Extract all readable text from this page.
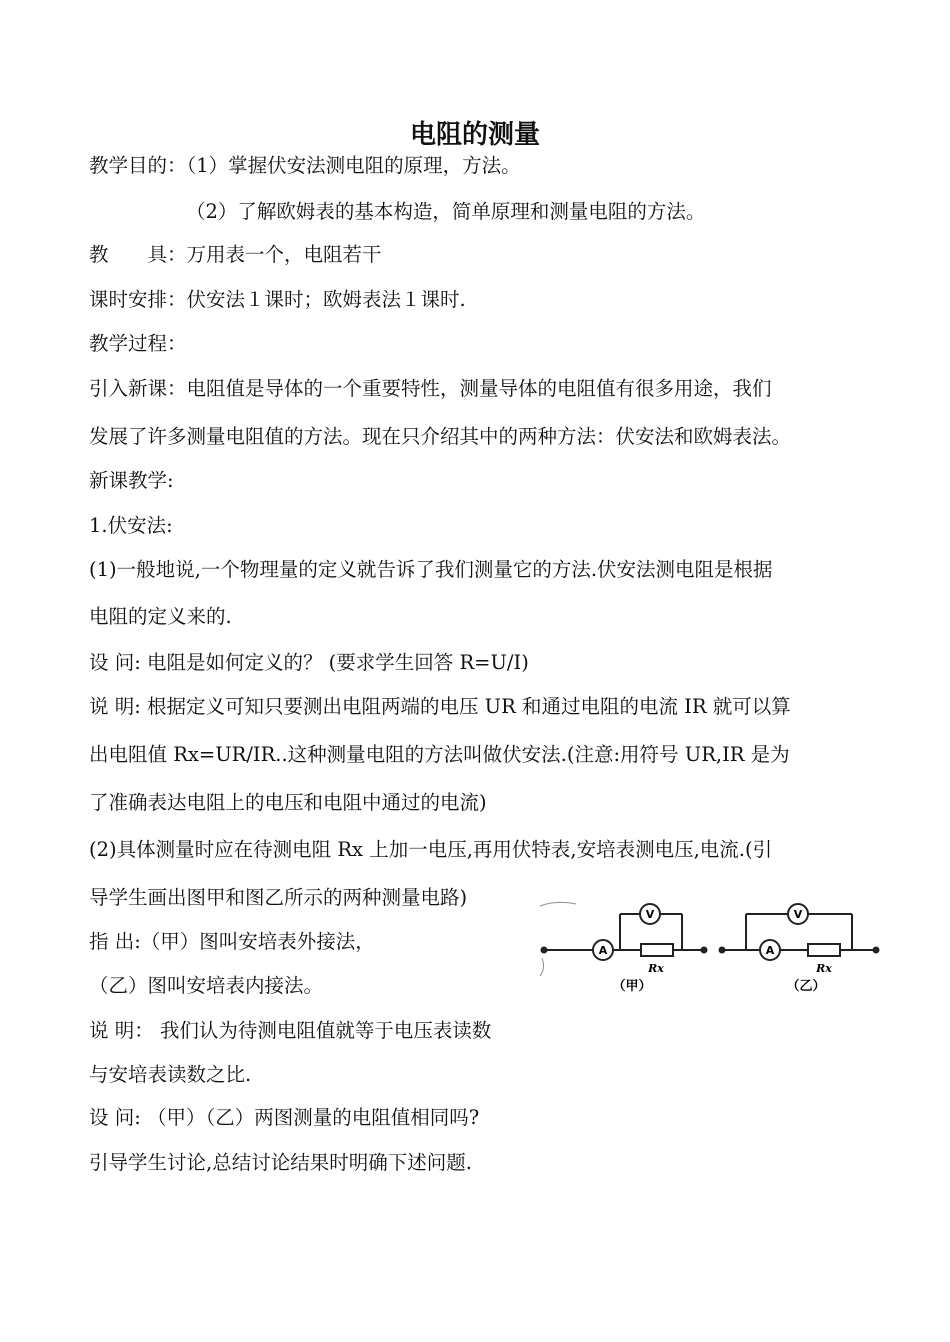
电阻的测量
教学目的：（1）掌握伏安法测电阻的原理，方法。
（2）了解欧姆表的基本构造，简单原理和测量电阻的方法。
教　　具：万用表一个，电阻若干
课时安排：伏安法１课时；欧姆表法１课时.
教学过程：
引入新课：电阻值是导体的一个重要特性，测量导体的电阻值有很多用途，我们
发展了许多测量电阻值的方法。现在只介绍其中的两种方法：伏安法和欧姆表法。
新课教学:
1.伏安法:
(1)一般地说,一个物理量的定义就告诉了我们测量它的方法.伏安法测电阻是根据
电阻的定义来的.
设 问: 电阻是如何定义的？ (要求学生回答 R=U/I)
说 明: 根据定义可知只要测出电阻两端的电压 UR 和通过电阻的电流 IR 就可以算
出电阻值 Rx=UR/IR..这种测量电阻的方法叫做伏安法.(注意:用符号 UR,IR 是为
了准确表达电阻上的电压和电阻中通过的电流)
(2)具体测量时应在待测电阻 Rx 上加一电压,再用伏特表,安培表测电压,电流.(引
导学生画出图甲和图乙所示的两种测量电路)
指 出:（甲）图叫安培表外接法，
（乙）图叫安培表内接法。
说 明： 我们认为待测电阻值就等于电压表读数
与安培表读数之比.
设 问: （甲）（乙）两图测量的电阻值相同吗?
引导学生讨论,总结讨论结果时明确下述问题.
V
A
Rx
（甲）
V
A
Rx
（乙）
